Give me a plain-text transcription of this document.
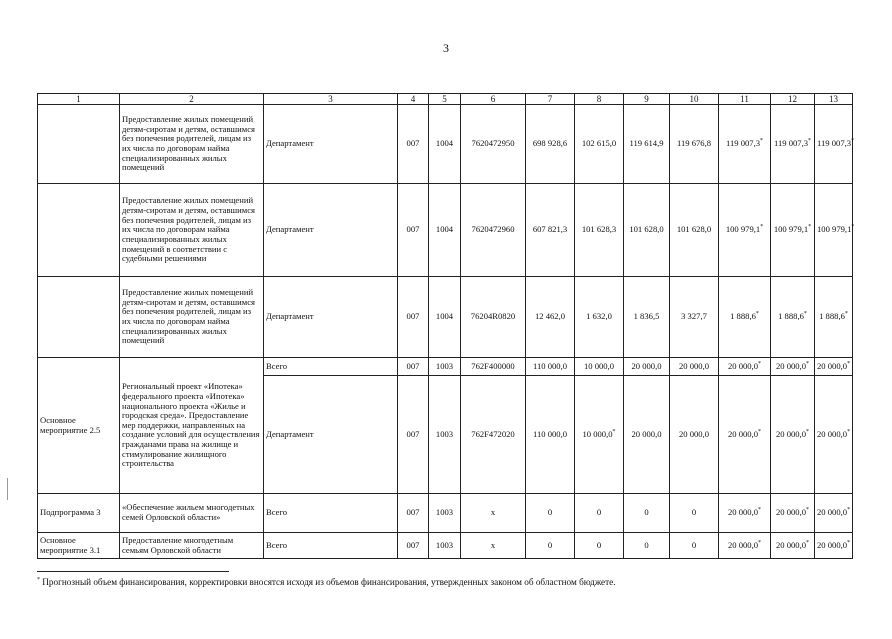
3
1	2	3	4	5	6	7	8	9	10	11	12	13
	Предоставление жилых помещений детям-сиротам и детям, оставшимся без попечения родителей, лицам из их числа по договорам найма специализированных жилых помещений	Департамент	007	1004	7620472950	698 928,6	102 615,0	119 614,9	119 676,8	119 007,3*	119 007,3*	119 007,3*
	Предоставление жилых помещений детям-сиротам и детям, оставшимся без попечения родителей, лицам из их числа по договорам найма специализированных жилых помещений в соответствии с судебными решениями	Департамент	007	1004	7620472960	607 821,3	101 628,3	101 628,0	101 628,0	100 979,1*	100 979,1*	100 979,1*
	Предоставление жилых помещений детям-сиротам и детям, оставшимся без попечения родителей, лицам из их числа по договорам найма специализированных жилых помещений	Департамент	007	1004	76204R0820	12 462,0	1 632,0	1 836,5	3 327,7	1 888,6*	1 888,6*	1 888,6*
Основное мероприятие 2.5	Региональный проект «Ипотека» федерального проекта «Ипотека» национального проекта «Жилье и городская среда». Предоставление мер поддержки, направленных на создание условий для осуществления гражданами права на жилище и стимулирование жилищного строительства	Всего	007	1003	762F400000	110 000,0	10 000,0	20 000,0	20 000,0	20 000,0*	20 000,0*	20 000,0*
		Департамент	007	1003	762F472020	110 000,0	10 000,0*	20 000,0	20 000,0	20 000,0*	20 000,0*	20 000,0*
Подпрограмма 3	«Обеспечение жильем многодетных семей Орловской области»	Всего	007	1003	х	0	0	0	0	20 000,0*	20 000,0*	20 000,0*
Основное мероприятие 3.1	Предоставление многодетным семьям Орловской области	Всего	007	1003	х	0	0	0	0	20 000,0*	20 000,0*	20 000,0*
* Прогнозный объем финансирования, корректировки вносятся исходя из объемов финансирования, утвержденных законом об областном бюджете.
